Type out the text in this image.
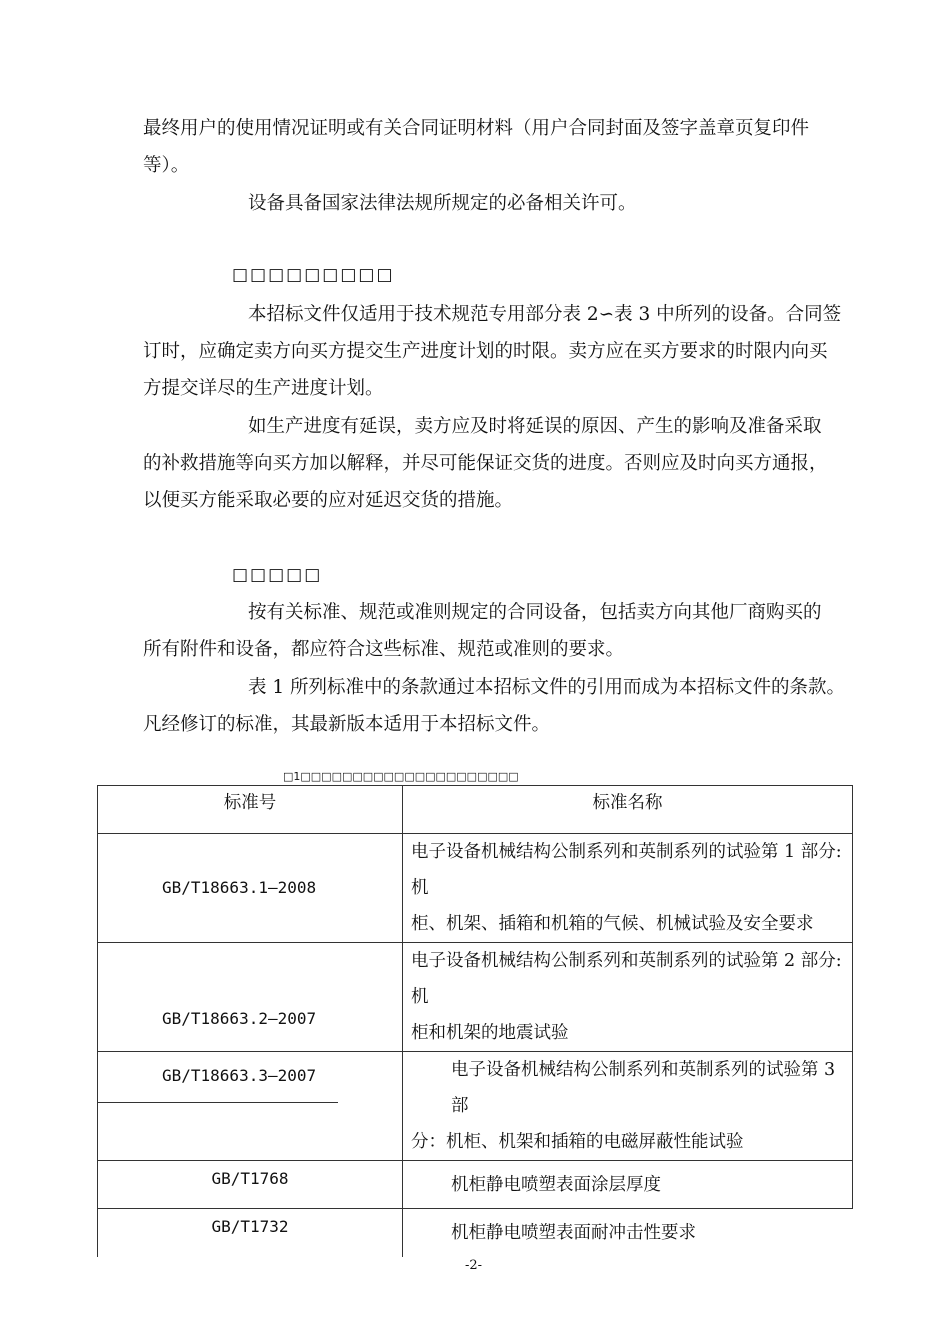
最终用户的使用情况证明或有关合同证明材料（用户合同封面及签字盖章页复印件
等）。
设备具备国家法律法规所规定的必备相关许可。
□□□□□□□□□
本招标文件仅适用于技术规范专用部分表 2∽表 3 中所列的设备。合同签
订时，应确定卖方向买方提交生产进度计划的时限。卖方应在买方要求的时限内向买
方提交详尽的生产进度计划。
如生产进度有延误，卖方应及时将延误的原因、产生的影响及准备采取
的补救措施等向买方加以解释，并尽可能保证交货的进度。否则应及时向买方通报，
以便买方能采取必要的应对延迟交货的措施。
□□□□□
按有关标准、规范或准则规定的合同设备，包括卖方向其他厂商购买的
所有附件和设备，都应符合这些标准、规范或准则的要求。
表 1 所列标准中的条款通过本招标文件的引用而成为本招标文件的条款。
凡经修订的标准，其最新版本适用于本招标文件。
□1□□□□□□□□□□□□□□□□□□□□□
标准号	标准名称
GB/T18663.1—2008	电子设备机械结构公制系列和英制系列的试验第 1 部分:机
柜、机架、插箱和机箱的气候、机械试验及安全要求

GB/T18663.2—2007	电子设备机械结构公制系列和英制系列的试验第 2 部分:机
柜和机架的地震试验

GB/T18663.3—2007	电子设备机械结构公制系列和英制系列的试验第 3 部
分：机柜、机架和插箱的电磁屏蔽性能试验

GB/T1768	机柜静电喷塑表面涂层厚度
GB/T1732	机柜静电喷塑表面耐冲击性要求
-2-
